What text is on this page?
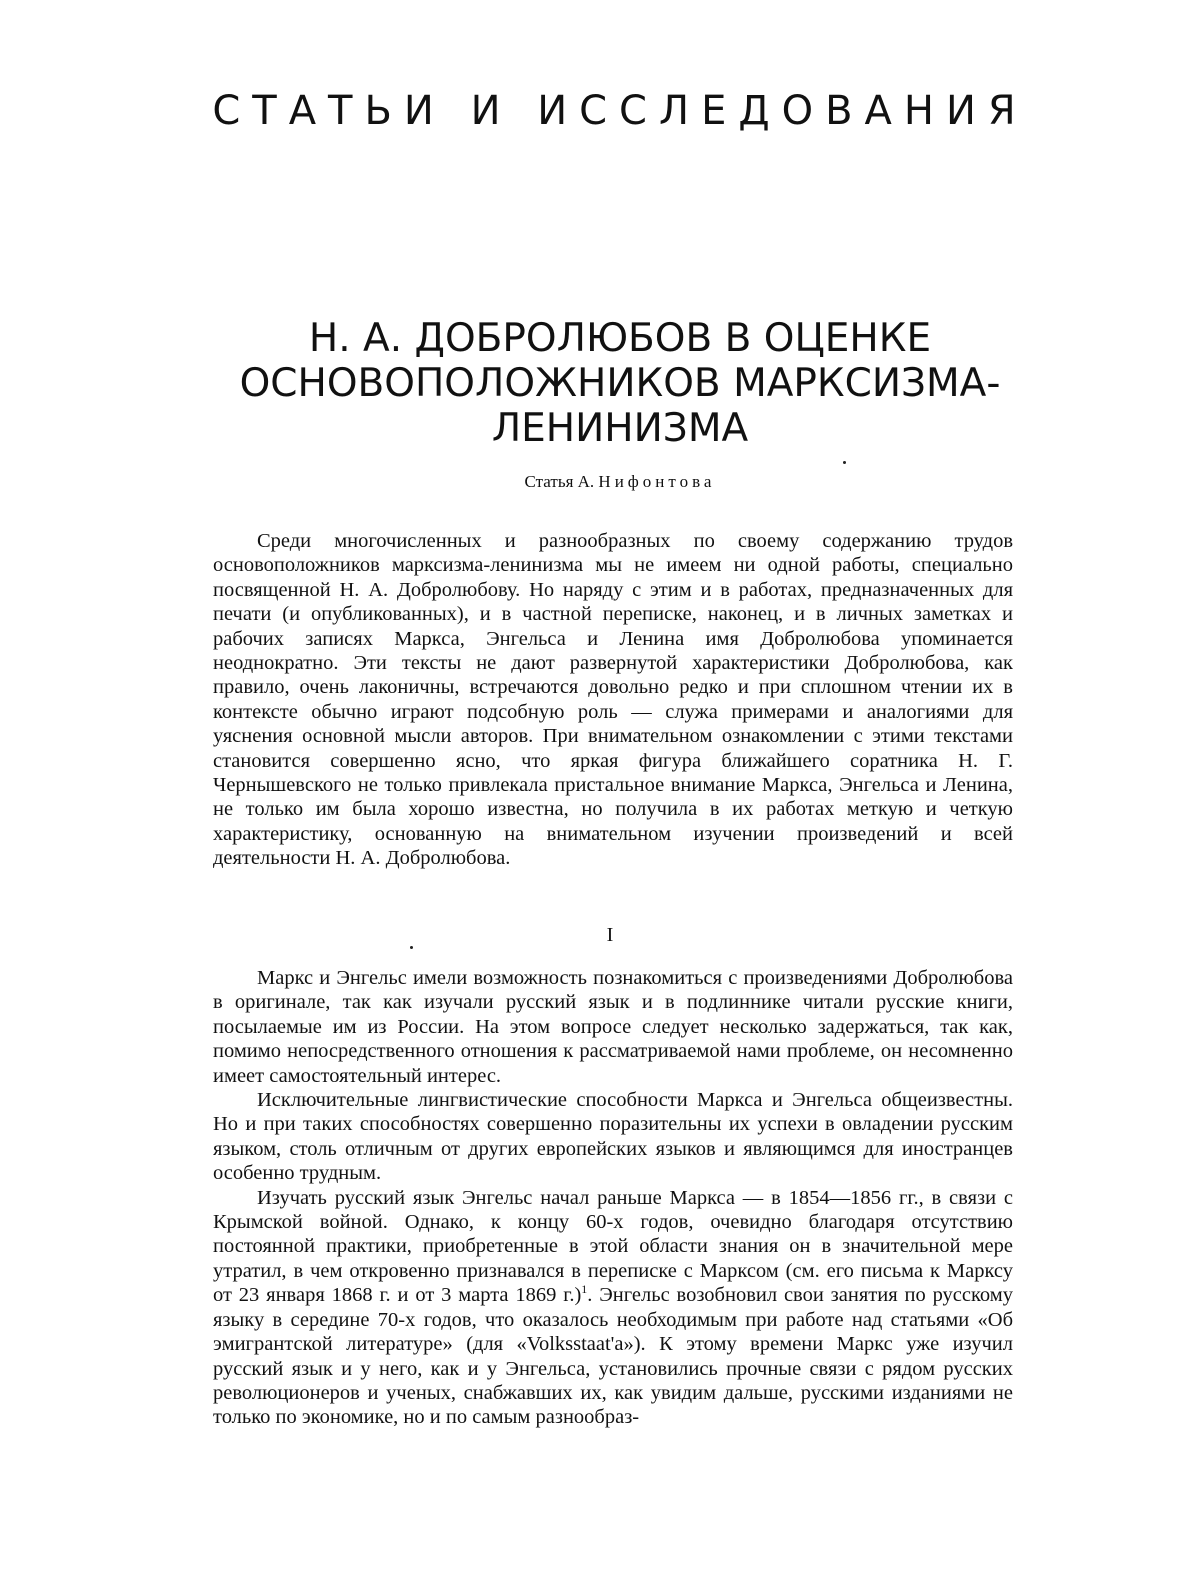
СТАТЬИ И ИССЛЕДОВАНИЯ
Н. А. ДОБРОЛЮБОВ В ОЦЕНКЕ
ОСНОВОПОЛОЖНИКОВ МАРКСИЗМА-
ЛЕНИНИЗМА

Статья А. Нифонтова

Среди многочисленных и разнообразных по своему содержанию трудов основоположников марксизма-ленинизма мы не имеем ни одной работы, специально посвященной Н. А. Добролюбову. Но наряду с этим и в работах, предназначенных для печати (и опубликованных), и в частной переписке, наконец, и в личных заметках и рабочих записях Маркса, Энгельса и Ленина имя Добролюбова упоминается неоднократно. Эти тексты не дают развернутой характеристики Добролюбова, как правило, очень лаконичны, встречаются довольно редко и при сплошном чтении их в контексте обычно играют подсобную роль — служа примерами и аналогиями для уяснения основной мысли авторов. При внимательном ознакомлении с этими текстами становится совершенно ясно, что яркая фигура ближайшего соратника Н. Г. Чернышевского не только привлекала пристальное внимание Маркса, Энгельса и Ленина, не только им была хорошо известна, но получила в их работах меткую и четкую характеристику, основанную на внимательном изучении произведений и всей деятельности Н. А. Добролюбова.

I

Маркс и Энгельс имели возможность познакомиться с произведениями Добролюбова в оригинале, так как изучали русский язык и в подлиннике читали русские книги, посылаемые им из России. На этом вопросе следует несколько задержаться, так как, помимо непосредственного отношения к рассматриваемой нами проблеме, он несомненно имеет самостоятельный интерес.

Исключительные лингвистические способности Маркса и Энгельса общеизвестны. Но и при таких способностях совершенно поразительны их успехи в овладении русским языком, столь отличным от других европейских языков и являющимся для иностранцев особенно трудным.

Изучать русский язык Энгельс начал раньше Маркса — в 1854—1856 гг., в связи с Крымской войной. Однако, к концу 60-х годов, очевидно благодаря отсутствию постоянной практики, приобретенные в этой области знания он в значительной мере утратил, в чем откровенно признавался в переписке с Марксом (см. его письма к Марксу от 23 января 1868 г. и от 3 марта 1869 г.)$^1$. Энгельс возобновил свои занятия по русскому языку в середине 70-х годов, что оказалось необходимым при работе над статьями «Об эмигрантской литературе» (для «Volksstaat'a»). К этому времени Маркс уже изучил русский язык и у него, как и у Энгельса, установились прочные связи с рядом русских революционеров и ученых, снабжавших их, как увидим дальше, русскими изданиями не только по экономике, но и по самым разнообраз-
